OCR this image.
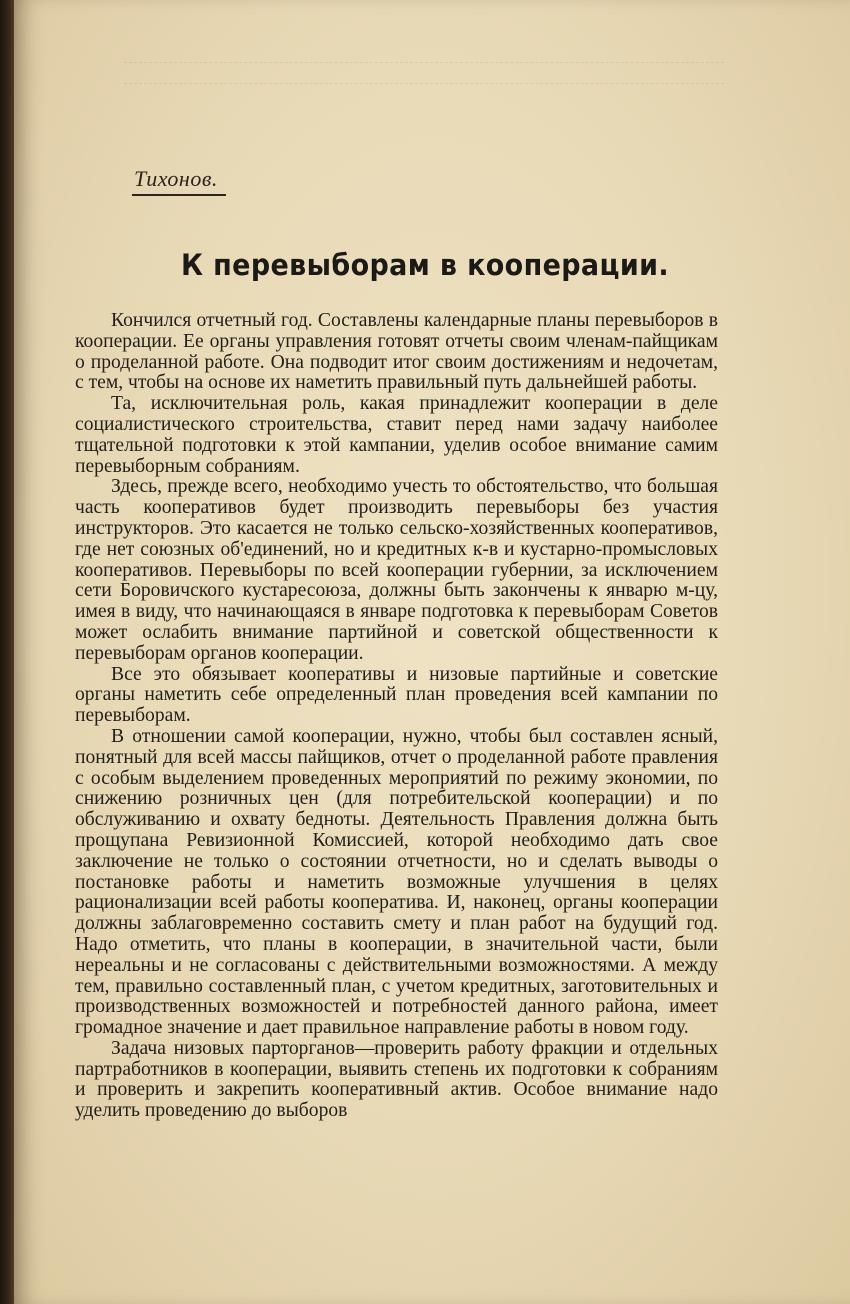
Тихонов.
К перевыборам в кооперации.

Кончился отчетный год. Составлены календарные планы перевыборов в кооперации. Ее органы управления готовят отчеты своим членам-пайщикам о проделанной работе. Она подводит итог своим достижениям и недочетам, с тем, чтобы на основе их наметить правильный путь дальнейшей работы.

Та, исключительная роль, какая принадлежит кооперации в деле социалистического строительства, ставит перед нами задачу наиболее тщательной подготовки к этой кампании, уделив особое внимание самим перевыборным собраниям.

Здесь, прежде всего, необходимо учесть то обстоятельство, что большая часть кооперативов будет производить перевыборы без участия инструкторов. Это касается не только сельско-хозяйственных кооперативов, где нет союзных об'единений, но и кредитных к-в и кустарно-промысловых кооперативов. Перевыборы по всей кооперации губернии, за исключением сети Боровичского кустаресоюза, должны быть закончены к январю м-цу, имея в виду, что начинающаяся в январе подготовка к перевыборам Советов может ослабить внимание партийной и советской общественности к перевыборам органов кооперации.

Все это обязывает кооперативы и низовые партийные и советские органы наметить себе определенный план проведения всей кампании по перевыборам.

В отношении самой кооперации, нужно, чтобы был составлен ясный, понятный для всей массы пайщиков, отчет о проделанной работе правления с особым выделением проведенных мероприятий по режиму экономии, по снижению розничных цен (для потребительской кооперации) и по обслуживанию и охвату бедноты. Деятельность Правления должна быть прощупана Ревизионной Комиссией, которой необходимо дать свое заключение не только о состоянии отчетности, но и сделать выводы о постановке работы и наметить возможные улучшения в целях рационализации всей работы кооператива. И, наконец, органы кооперации должны заблаговременно составить смету и план работ на будущий год. Надо отметить, что планы в кооперации, в значительной части, были нереальны и не согласованы с действительными возможностями. А между тем, правильно составленный план, с учетом кредитных, заготовительных и производственных возможностей и потребностей данного района, имеет громадное значение и дает правильное направление работы в новом году.

Задача низовых парторганов—проверить работу фракции и отдельных партработников в кооперации, выявить степень их подготовки к собраниям и проверить и закрепить кооперативный актив. Особое внимание надо уделить проведению до выборов
